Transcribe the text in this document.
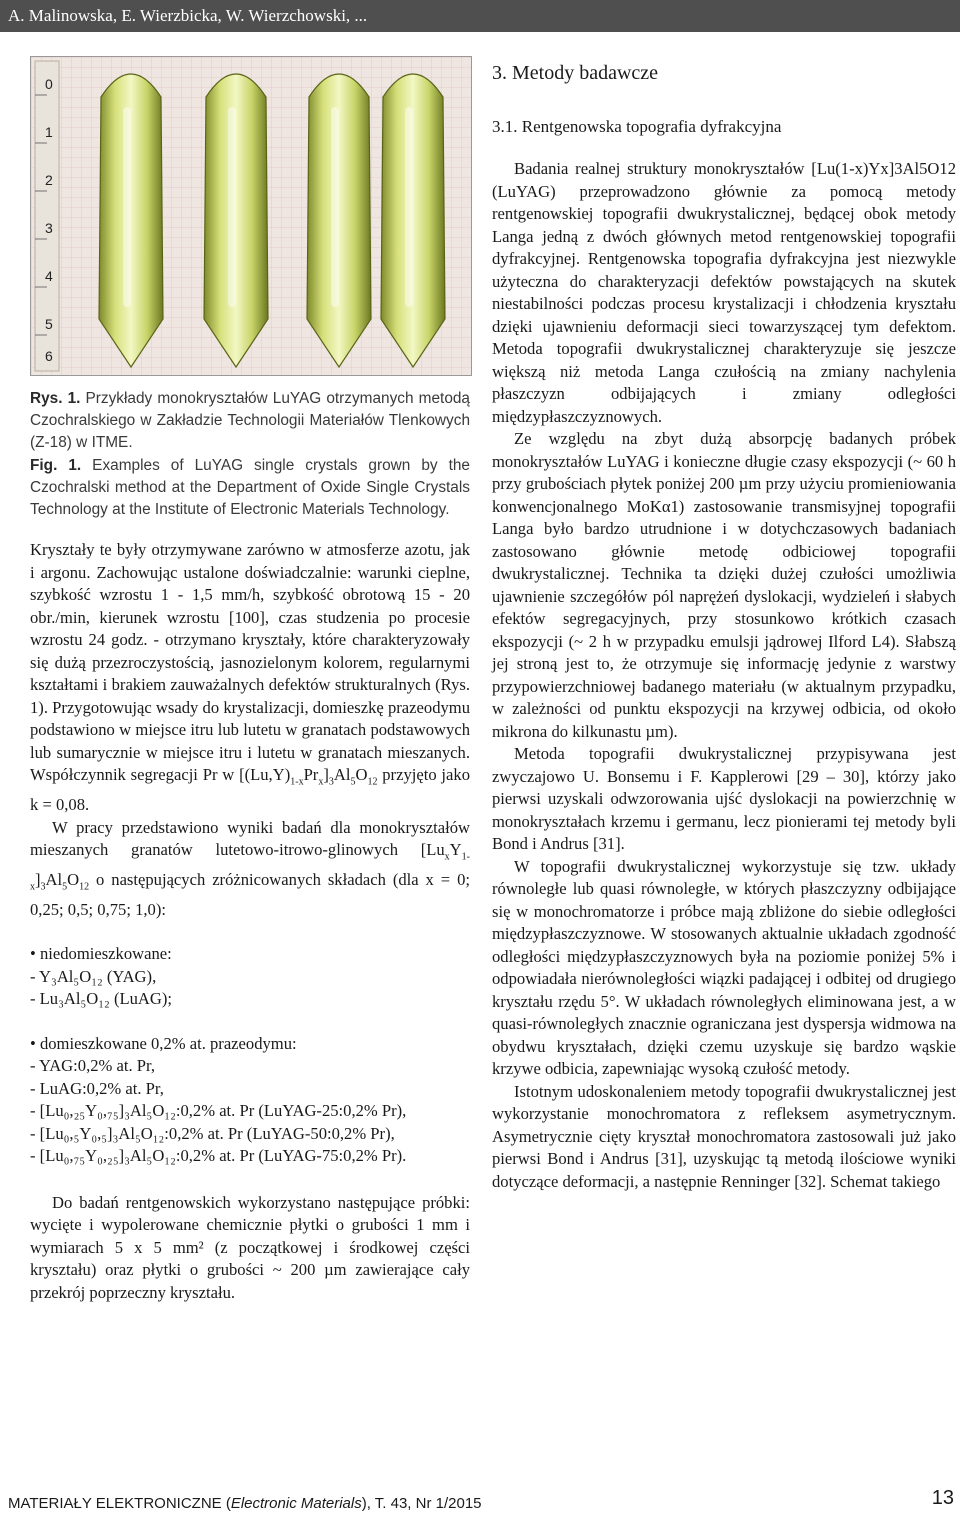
A. Malinowska, E. Wierzbicka, W. Wierzchowski, ...
0
1
2
3
4
5
6
Rys. 1. Przykłady monokryształów LuYAG otrzymanych metodą Czochralskiego w Zakładzie Technologii Materiałów Tlenkowych (Z-18) w ITME.
Fig. 1. Examples of LuYAG single crystals grown by the Czochralski method at the Department of Oxide Single Crystals Technology at the Institute of Electronic Materials Technology.

Kryształy te były otrzymywane zarówno w atmosferze azotu, jak i argonu. Zachowując ustalone doświadczalnie: warunki cieplne, szybkość wzrostu 1 - 1,5 mm/h, szybkość obrotową 15 - 20 obr./min, kierunek wzrostu [100], czas studzenia po procesie wzrostu 24 godz. - otrzymano kryształy, które charakteryzowały się dużą przezroczystością, jasnozielonym kolorem, regularnymi kształtami i brakiem zauważalnych defektów strukturalnych (Rys. 1). Przygotowując wsady do krystalizacji, domieszkę prazeodymu podstawiono w miejsce itru lub lutetu w granatach podstawowych lub sumarycznie w miejsce itru i lutetu w granatach mieszanych. Współczynnik segregacji Pr w $[(Lu,Y)_{1-x}Pr_x]_3Al_5O_{12}$ przyjęto jako k = 0,08.

W pracy przedstawiono wyniki badań dla monokryształów mieszanych granatów lutetowo-itrowo-glinowych $[Lu_xY_{1-x}]_3Al_5O_{12}$ o następujących zróżnicowanych składach (dla x = 0; 0,25; 0,5; 0,75; 1,0):

• niedomieszkowane:
- Y₃Al₅O₁₂ (YAG),
- Lu₃Al₅O₁₂ (LuAG);
• domieszkowane 0,2% at. prazeodymu:
- YAG:0,2% at. Pr,
- LuAG:0,2% at. Pr,
- [Lu₀,₂₅Y₀,₇₅]₃Al₅O₁₂:0,2% at. Pr (LuYAG-25:0,2% Pr),
- [Lu₀,₅Y₀,₅]₃Al₅O₁₂:0,2% at. Pr (LuYAG-50:0,2% Pr),
- [Lu₀,₇₅Y₀,₂₅]₃Al₅O₁₂:0,2% at. Pr (LuYAG-75:0,2% Pr).

Do badań rentgenowskich wykorzystano następujące próbki: wycięte i wypolerowane chemicznie płytki o grubości 1 mm i wymiarach 5 x 5 mm² (z początkowej i środkowej części kryształu) oraz płytki o grubości ~ 200 µm zawierające cały przekrój poprzeczny kryształu.

3. Metody badawcze
3.1. Rentgenowska topografia dyfrakcyjna

Badania realnej struktury monokryształów [Lu(1-x)Yx]3Al5O12 (LuYAG) przeprowadzono głównie za pomocą metody rentgenowskiej topografii dwukrystalicznej, będącej obok metody Langa jedną z dwóch głównych metod rentgenowskiej topografii dyfrakcyjnej. Rentgenowska topografia dyfrakcyjna jest niezwykle użyteczna do charakteryzacji defektów powstających na skutek niestabilności podczas procesu krystalizacji i chłodzenia kryształu dzięki ujawnieniu deformacji sieci towarzyszącej tym defektom. Metoda topografii dwukrystalicznej charakteryzuje się jeszcze większą niż metoda Langa czułością na zmiany nachylenia płaszczyzn odbijających i zmiany odległości międzypłaszczyznowych.

Ze względu na zbyt dużą absorpcję badanych próbek monokryształów LuYAG i konieczne długie czasy ekspozycji (~ 60 h przy grubościach płytek poniżej 200 µm przy użyciu promieniowania konwencjonalnego MoKα1) zastosowanie transmisyjnej topografii Langa było bardzo utrudnione i w dotychczasowych badaniach zastosowano głównie metodę odbiciowej topografii dwukrystalicznej. Technika ta dzięki dużej czułości umożliwia ujawnienie szczegółów pól naprężeń dyslokacji, wydzieleń i słabych efektów segregacyjnych, przy stosunkowo krótkich czasach ekspozycji (~ 2 h w przypadku emulsji jądrowej Ilford L4). Słabszą jej stroną jest to, że otrzymuje się informację jedynie z warstwy przypowierzchniowej badanego materiału (w aktualnym przypadku, w zależności od punktu ekspozycji na krzywej odbicia, od około mikrona do kilkunastu µm).

Metoda topografii dwukrystalicznej przypisywana jest zwyczajowo U. Bonsemu i F. Kapplerowi [29 – 30], którzy jako pierwsi uzyskali odwzorowania ujść dyslokacji na powierzchnię w monokryształach krzemu i germanu, lecz pionierami tej metody byli Bond i Andrus [31].

W topografii dwukrystalicznej wykorzystuje się tzw. układy równoległe lub quasi równoległe, w których płaszczyzny odbijające się w monochromatorze i próbce mają zbliżone do siebie odległości międzypłaszczyznowe. W stosowanych aktualnie układach zgodność odległości międzypłaszczyznowych była na poziomie poniżej 5% i odpowiadała nierównoległości wiązki padającej i odbitej od drugiego kryształu rzędu 5°. W układach równoległych eliminowana jest, a w quasi-równoległych znacznie ograniczana jest dyspersja widmowa na obydwu kryształach, dzięki czemu uzyskuje się bardzo wąskie krzywe odbicia, zapewniając wysoką czułość metody.

Istotnym udoskonaleniem metody topografii dwukrystalicznej jest wykorzystanie monochromatora z refleksem asymetrycznym. Asymetrycznie cięty kryształ monochromatora zastosowali już jako pierwsi Bond i Andrus [31], uzyskując tą metodą ilościowe wyniki dotyczące deformacji, a następnie Renninger [32]. Schemat takiego

MATERIAŁY ELEKTRONICZNE (Electronic Materials), T. 43, Nr 1/2015	13
